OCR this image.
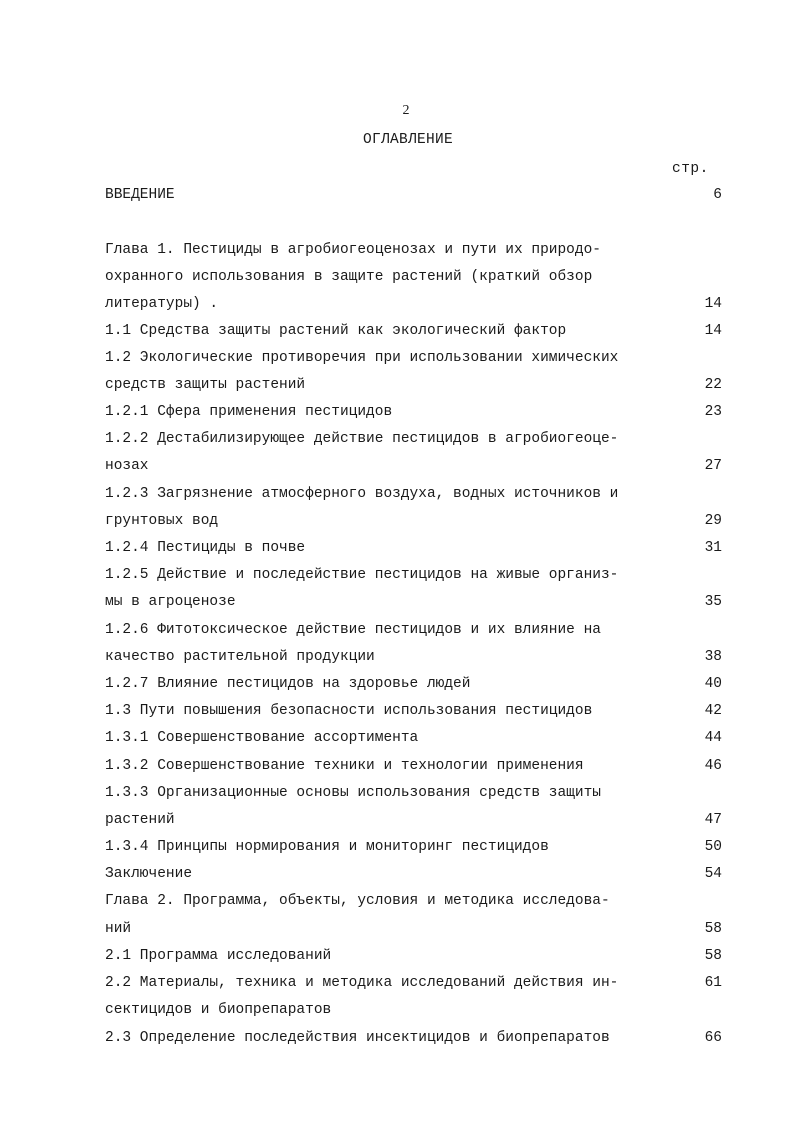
2
ОГЛАВЛЕНИЕ
стр.
ВВЕДЕНИЕ	6
Глава 1. Пестициды в агробиогеоценозах и пути их природо-
охранного использования в защите растений (краткий обзор
литературы) .	14
1.1 Средства защиты растений как экологический фактор	14
1.2 Экологические противоречия при использовании химических
средств защиты растений	22
1.2.1 Сфера применения пестицидов	23
1.2.2 Дестабилизирующее действие пестицидов в агробиогеоце-
нозах	27
1.2.3 Загрязнение атмосферного воздуха, водных источников и
грунтовых вод	29
1.2.4 Пестициды в почве	31
1.2.5 Действие и последействие пестицидов на живые организ-
мы в агроценозе	35
1.2.6 Фитотоксическое действие пестицидов и их влияние на
качество растительной продукции	38
1.2.7 Влияние пестицидов на здоровье людей	40
1.3 Пути повышения безопасности использования пестицидов	42
1.3.1 Совершенствование ассортимента	44
1.3.2 Совершенствование техники и технологии применения	46
1.3.3 Организационные основы использования средств защиты
растений	47
1.3.4 Принципы нормирования и мониторинг пестицидов	50
Заключение	54
Глава 2. Программа, объекты, условия и методика исследова-
ний	58
2.1 Программа исследований	58
2.2 Материалы, техника и методика исследований действия ин-	61
сектицидов и биопрепаратов
2.3 Определение последействия инсектицидов и биопрепаратов	66
